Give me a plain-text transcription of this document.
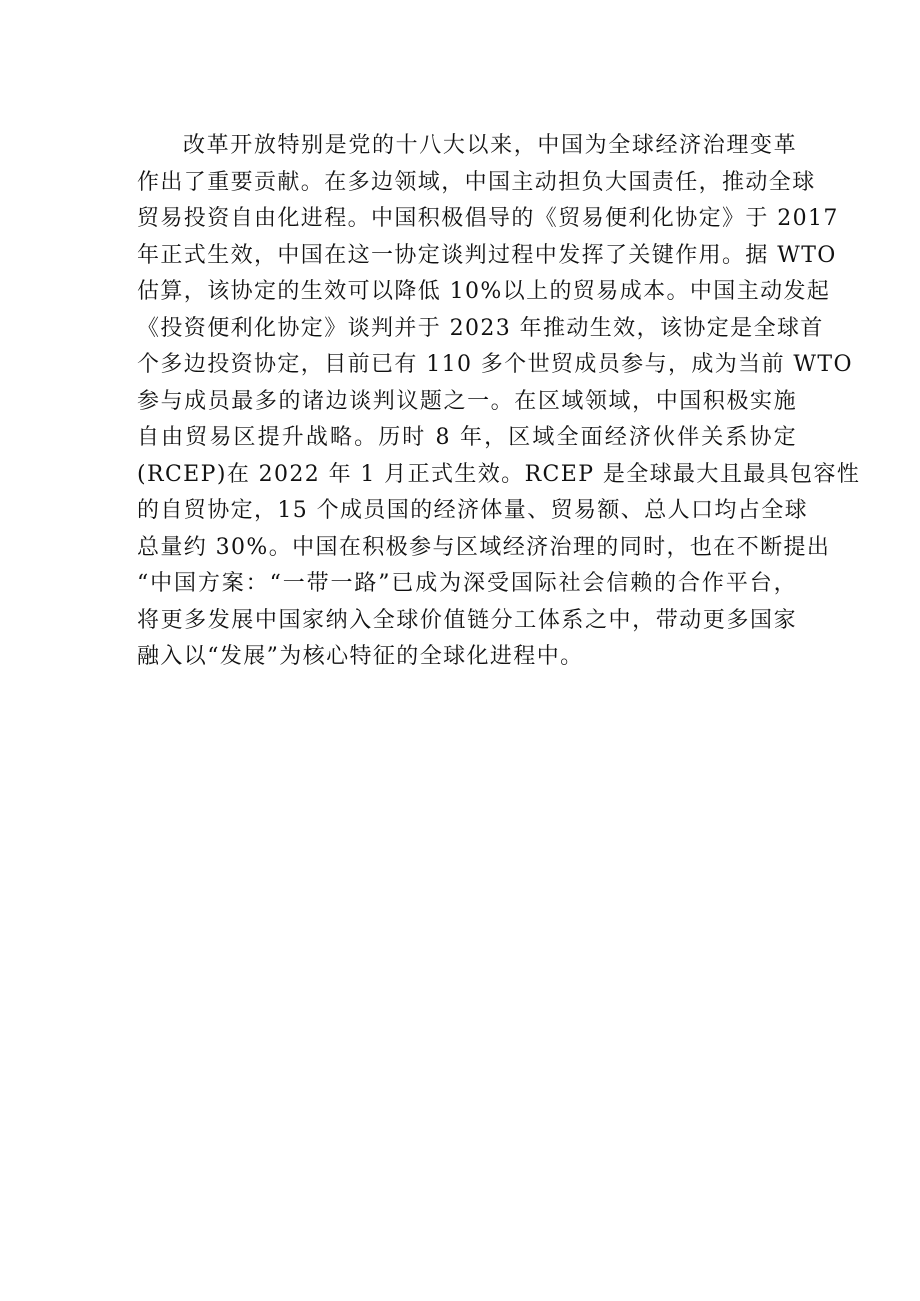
改革开放特别是党的十八大以来，中国为全球经济治理变革
作出了重要贡献。在多边领域，中国主动担负大国责任，推动全球
贸易投资自由化进程。中国积极倡导的《贸易便利化协定》于 2017
年正式生效，中国在这一协定谈判过程中发挥了关键作用。据 WTO
估算，该协定的生效可以降低 10%以上的贸易成本。中国主动发起
《投资便利化协定》谈判并于 2023 年推动生效，该协定是全球首
个多边投资协定，目前已有 110 多个世贸成员参与，成为当前 WTO
参与成员最多的诸边谈判议题之一。在区域领域，中国积极实施
自由贸易区提升战略。历时 8 年，区域全面经济伙伴关系协定
(RCEP)在 2022 年 1 月正式生效。RCEP 是全球最大且最具包容性
的自贸协定，15 个成员国的经济体量、贸易额、总人口均占全球
总量约 30%。中国在积极参与区域经济治理的同时，也在不断提出
“中国方案：“一带一路”已成为深受国际社会信赖的合作平台，
将更多发展中国家纳入全球价值链分工体系之中，带动更多国家
融入以“发展”为核心特征的全球化进程中。
